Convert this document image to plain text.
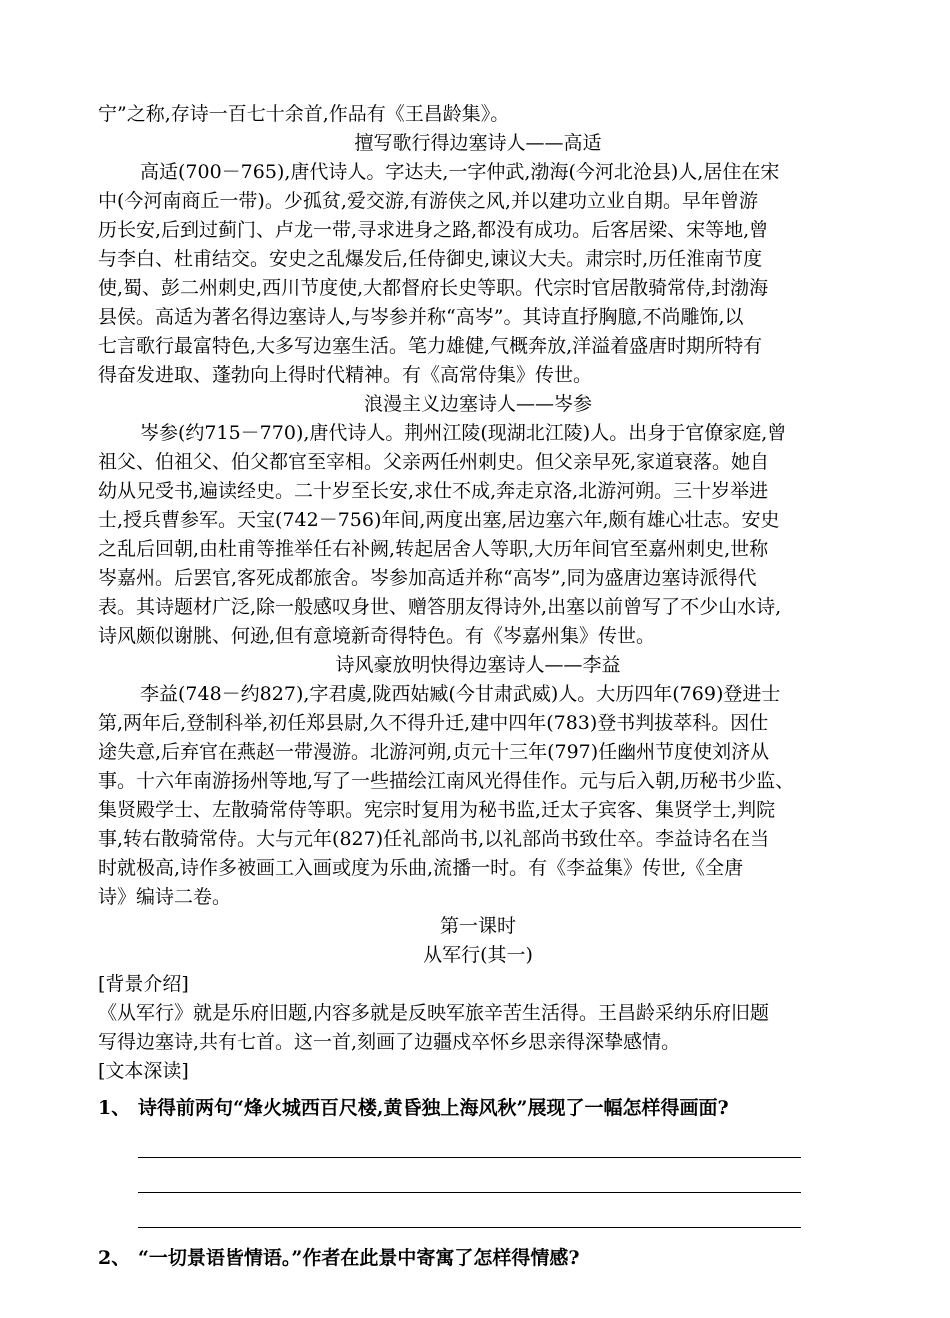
宁”之称,存诗一百七十余首,作品有《王昌龄集》。
擅写歌行得边塞诗人——高适
高适(700－765),唐代诗人。字达夫,一字仲武,渤海(今河北沧县)人,居住在宋
中(今河南商丘一带)。少孤贫,爱交游,有游侠之风,并以建功立业自期。早年曾游
历长安,后到过蓟门、卢龙一带,寻求进身之路,都没有成功。后客居梁、宋等地,曾
与李白、杜甫结交。安史之乱爆发后,任侍御史,谏议大夫。肃宗时,历任淮南节度
使,蜀、彭二州刺史,西川节度使,大都督府长史等职。代宗时官居散骑常侍,封渤海
县侯。高适为著名得边塞诗人,与岑参并称“高岑”。其诗直抒胸臆,不尚雕饰,以
七言歌行最富特色,大多写边塞生活。笔力雄健,气概奔放,洋溢着盛唐时期所特有
得奋发进取、蓬勃向上得时代精神。有《高常侍集》传世。
浪漫主义边塞诗人——岑参
岑参(约715－770),唐代诗人。荆州江陵(现湖北江陵)人。出身于官僚家庭,曾
祖父、伯祖父、伯父都官至宰相。父亲两任州刺史。但父亲早死,家道衰落。她自
幼从兄受书,遍读经史。二十岁至长安,求仕不成,奔走京洛,北游河朔。三十岁举进
士,授兵曹参军。天宝(742－756)年间,两度出塞,居边塞六年,颇有雄心壮志。安史
之乱后回朝,由杜甫等推举任右补阙,转起居舍人等职,大历年间官至嘉州刺史,世称
岑嘉州。后罢官,客死成都旅舍。岑参加高适并称“高岑”,同为盛唐边塞诗派得代
表。其诗题材广泛,除一般感叹身世、赠答朋友得诗外,出塞以前曾写了不少山水诗,
诗风颇似谢朓、何逊,但有意境新奇得特色。有《岑嘉州集》传世。
诗风豪放明快得边塞诗人——李益
李益(748－约827),字君虞,陇西姑臧(今甘肃武威)人。大历四年(769)登进士
第,两年后,登制科举,初任郑县尉,久不得升迁,建中四年(783)登书判拔萃科。因仕
途失意,后弃官在燕赵一带漫游。北游河朔,贞元十三年(797)任幽州节度使刘济从
事。十六年南游扬州等地,写了一些描绘江南风光得佳作。元与后入朝,历秘书少监、
集贤殿学士、左散骑常侍等职。宪宗时复用为秘书监,迁太子宾客、集贤学士,判院
事,转右散骑常侍。大与元年(827)任礼部尚书,以礼部尚书致仕卒。李益诗名在当
时就极高,诗作多被画工入画或度为乐曲,流播一时。有《李益集》传世,《全唐
诗》编诗二卷。
第一课时
从军行(其一)
[背景介绍]
《从军行》就是乐府旧题,内容多就是反映军旅辛苦生活得。王昌龄采纳乐府旧题
写得边塞诗,共有七首。这一首,刻画了边疆戍卒怀乡思亲得深挚感情。
[文本深读]
1、 诗得前两句“烽火城西百尺楼,黄昏独上海风秋”展现了一幅怎样得画面?
2、 “一切景语皆情语。”作者在此景中寄寓了怎样得情感?
